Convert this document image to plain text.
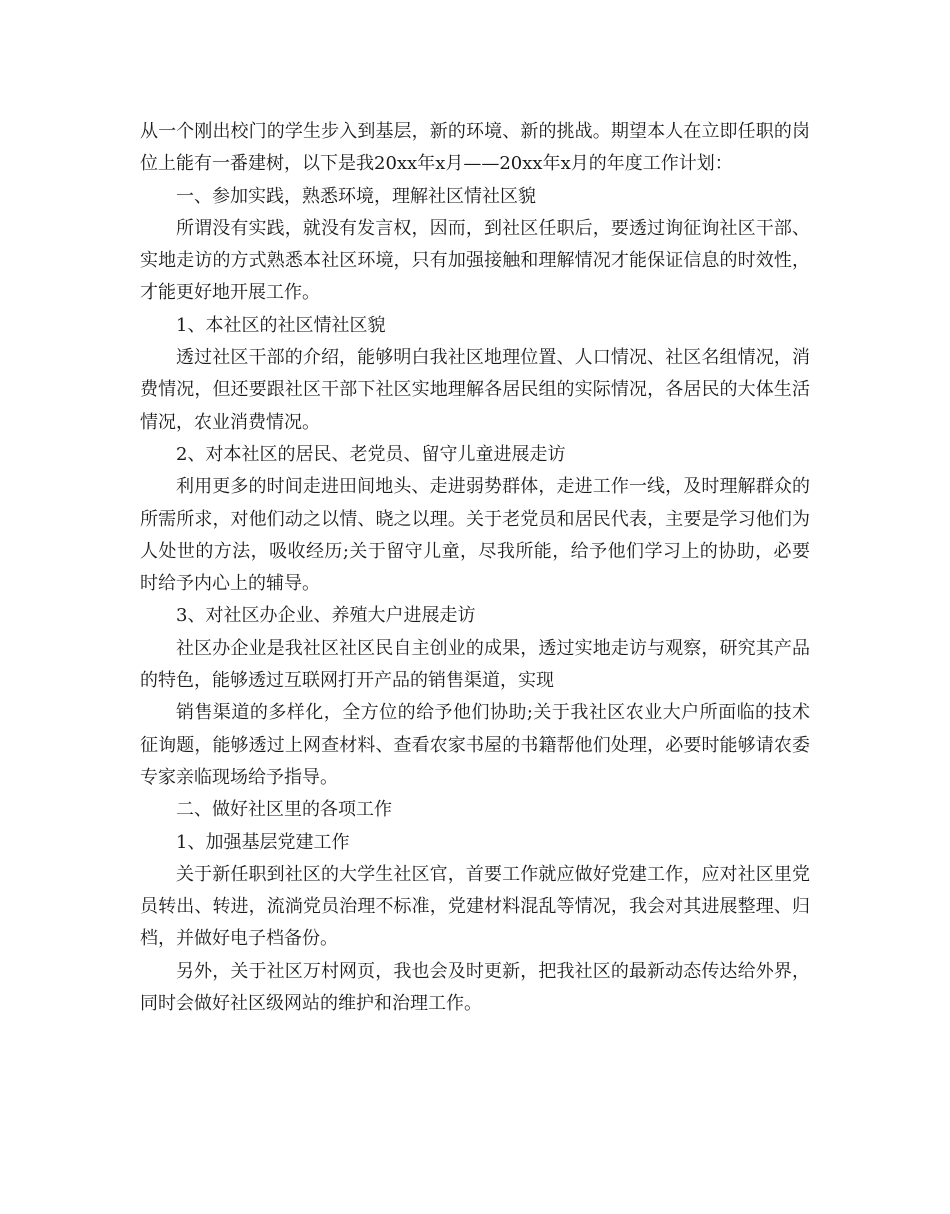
从一个刚出校门的学生步入到基层，新的环境、新的挑战。期望本人在立即任职的岗位上能有一番建树，以下是我20xx年x月——20xx年x月的年度工作计划：

一、参加实践，熟悉环境，理解社区情社区貌

所谓没有实践，就没有发言权，因而，到社区任职后，要透过询征询社区干部、实地走访的方式熟悉本社区环境，只有加强接触和理解情况才能保证信息的时效性，才能更好地开展工作。

1、本社区的社区情社区貌

透过社区干部的介绍，能够明白我社区地理位置、人口情况、社区名组情况，消费情况，但还要跟社区干部下社区实地理解各居民组的实际情况，各居民的大体生活情况，农业消费情况。

2、对本社区的居民、老党员、留守儿童进展走访

利用更多的时间走进田间地头、走进弱势群体，走进工作一线，及时理解群众的所需所求，对他们动之以情、晓之以理。关于老党员和居民代表，主要是学习他们为人处世的方法，吸收经历;关于留守儿童，尽我所能，给予他们学习上的协助，必要时给予内心上的辅导。

3、对社区办企业、养殖大户进展走访

社区办企业是我社区社区民自主创业的成果，透过实地走访与观察，研究其产品的特色，能够透过互联网打开产品的销售渠道，实现

销售渠道的多样化，全方位的给予他们协助;关于我社区农业大户所面临的技术征询题，能够透过上网查材料、查看农家书屋的书籍帮他们处理，必要时能够请农委专家亲临现场给予指导。

二、做好社区里的各项工作

1、加强基层党建工作

关于新任职到社区的大学生社区官，首要工作就应做好党建工作，应对社区里党员转出、转进，流淌党员治理不标准，党建材料混乱等情况，我会对其进展整理、归档，并做好电子档备份。

另外，关于社区万村网页，我也会及时更新，把我社区的最新动态传达给外界，同时会做好社区级网站的维护和治理工作。
